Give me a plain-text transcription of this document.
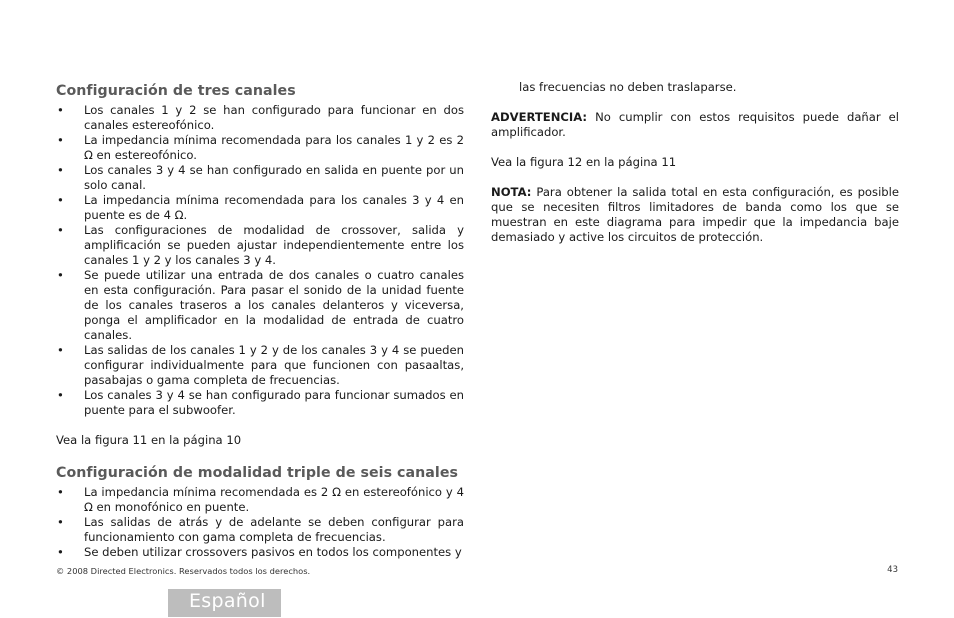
Configuración de tres canales
• Los canales 1 y 2 se han configurado para funcionar en dos canales estereofónico.
• La impedancia mínima recomendada para los canales 1 y 2 es 2 Ω en estereofónico.
• Los canales 3 y 4 se han configurado en salida en puente por un solo canal.
• La impedancia mínima recomendada para los canales 3 y 4 en puente es de 4 Ω.
• Las configuraciones de modalidad de crossover, salida y amplificación se pueden ajustar independientemente entre los canales 1 y 2 y los canales 3 y 4.
• Se puede utilizar una entrada de dos canales o cuatro canales en esta configuración. Para pasar el sonido de la unidad fuente de los canales traseros a los canales delanteros y viceversa, ponga el amplificador en la modalidad de entrada de cuatro canales.
• Las salidas de los canales 1 y 2 y de los canales 3 y 4 se pueden configurar individualmente para que funcionen con pasaaltas, pasabajas o gama completa de frecuencias.
• Los canales 3 y 4 se han configurado para funcionar sumados en puente para el subwoofer.

Vea la figura 11 en la página 10

Configuración de modalidad triple de seis canales
• La impedancia mínima recomendada es 2 Ω en estereofónico y 4 Ω en monofónico en puente.
• Las salidas de atrás y de adelante se deben configurar para funcionamiento con gama completa de frecuencias.
• Se deben utilizar crossovers pasivos en todos los componentes y

las frecuencias no deben traslaparse.

ADVERTENCIA: No cumplir con estos requisitos puede dañar el amplificador.

Vea la figura 12 en la página 11

NOTA: Para obtener la salida total en esta configuración, es posible que se necesiten filtros limitadores de banda como los que se muestran en este diagrama para impedir que la impedancia baje demasiado y active los circuitos de protección.

© 2008 Directed Electronics. Reservados todos los derechos.	43
Español
